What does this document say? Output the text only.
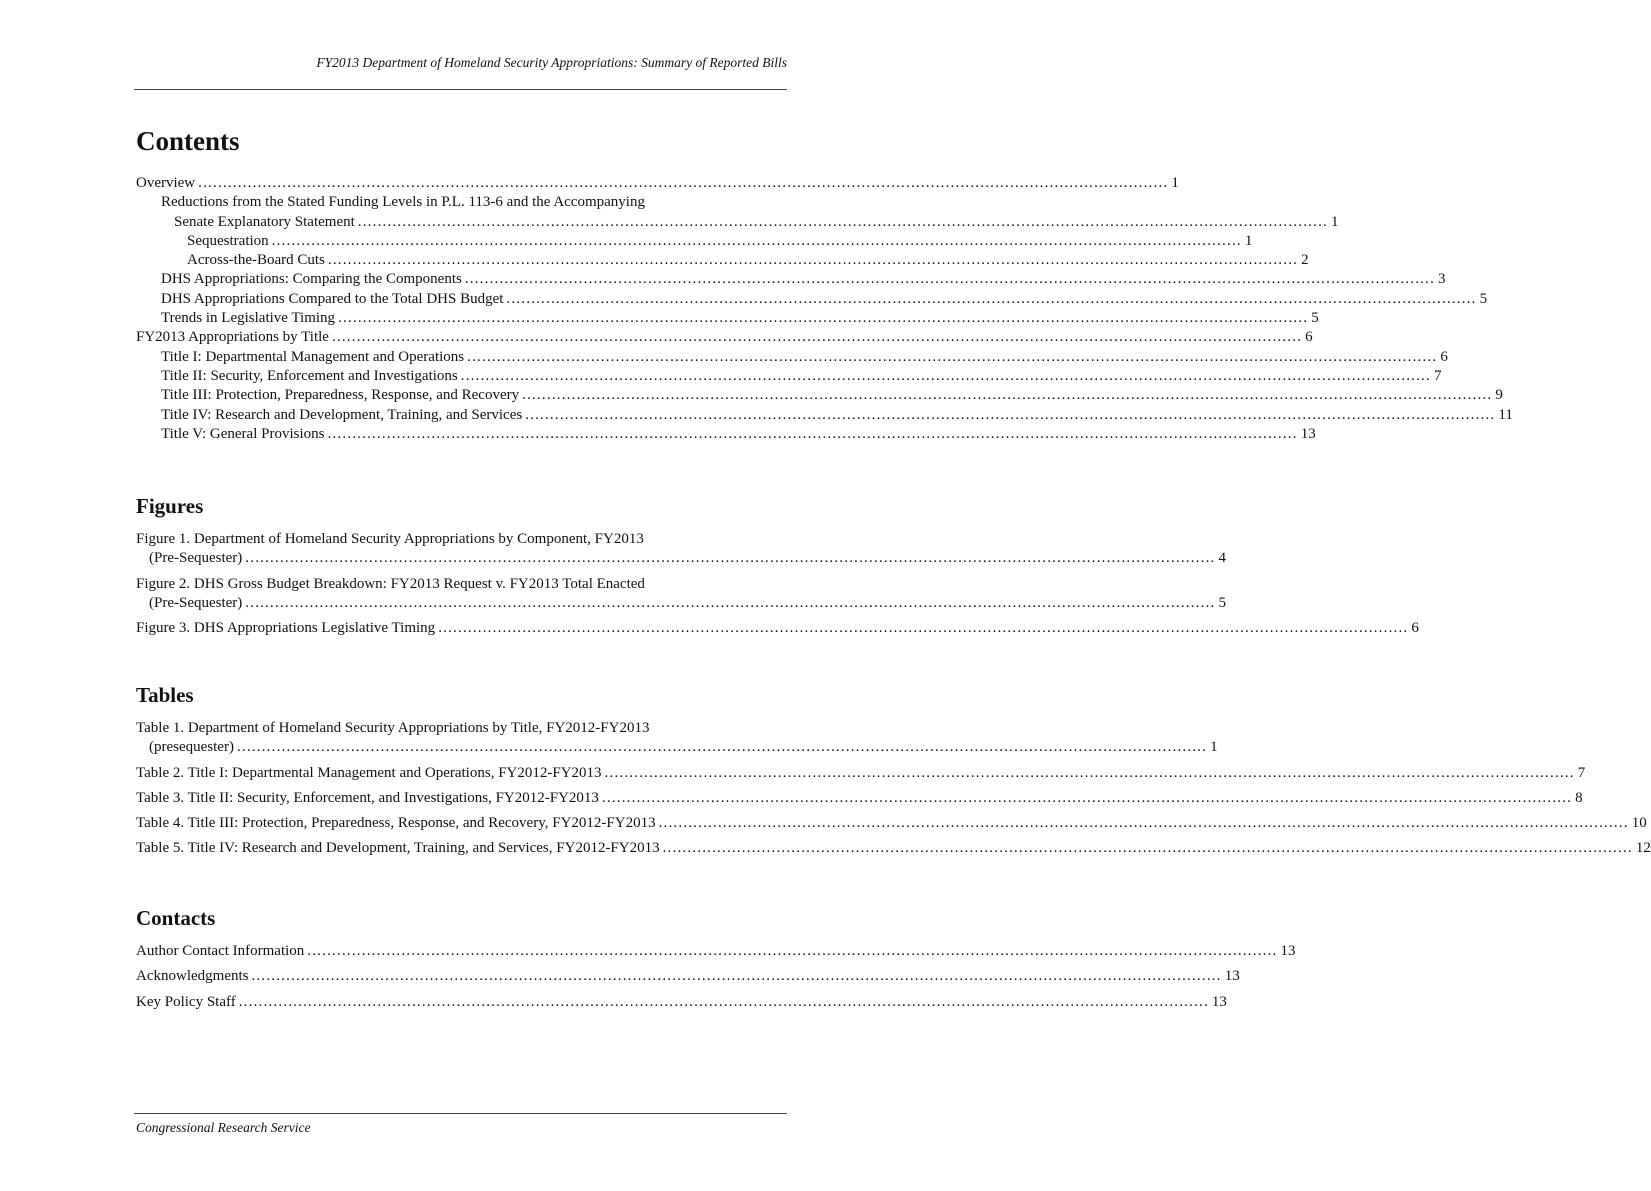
FY2013 Department of Homeland Security Appropriations: Summary of Reported Bills
Contents
Overview .................................................................................................................................................................................................... 1
Reductions from the Stated Funding Levels in P.L. 113-6 and the Accompanying
Senate Explanatory Statement .................................................................................................................................................................................................... 1
Sequestration .................................................................................................................................................................................................... 1
Across-the-Board Cuts .................................................................................................................................................................................................... 2
DHS Appropriations: Comparing the Components .................................................................................................................................................................................................... 3
DHS Appropriations Compared to the Total DHS Budget .................................................................................................................................................................................................... 5
Trends in Legislative Timing .................................................................................................................................................................................................... 5
FY2013 Appropriations by Title .................................................................................................................................................................................................... 6
Title I: Departmental Management and Operations .................................................................................................................................................................................................... 6
Title II: Security, Enforcement and Investigations .................................................................................................................................................................................................... 7
Title III: Protection, Preparedness, Response, and Recovery .................................................................................................................................................................................................... 9
Title IV: Research and Development, Training, and Services .................................................................................................................................................................................................... 11
Title V: General Provisions .................................................................................................................................................................................................... 13
Figures
Figure 1. Department of Homeland Security Appropriations by Component, FY2013
(Pre-Sequester) .................................................................................................................................................................................................... 4
Figure 2. DHS Gross Budget Breakdown: FY2013 Request v. FY2013 Total Enacted
(Pre-Sequester) .................................................................................................................................................................................................... 5
Figure 3. DHS Appropriations Legislative Timing .................................................................................................................................................................................................... 6
Tables
Table 1. Department of Homeland Security Appropriations by Title, FY2012-FY2013
(presequester) .................................................................................................................................................................................................... 1
Table 2. Title I: Departmental Management and Operations, FY2012-FY2013 .................................................................................................................................................................................................... 7
Table 3. Title II: Security, Enforcement, and Investigations, FY2012-FY2013 .................................................................................................................................................................................................... 8
Table 4. Title III: Protection, Preparedness, Response, and Recovery, FY2012-FY2013 .................................................................................................................................................................................................... 10
Table 5. Title IV: Research and Development, Training, and Services, FY2012-FY2013 .................................................................................................................................................................................................... 12
Contacts
Author Contact Information .................................................................................................................................................................................................... 13
Acknowledgments .................................................................................................................................................................................................... 13
Key Policy Staff .................................................................................................................................................................................................... 13
Congressional Research Service
